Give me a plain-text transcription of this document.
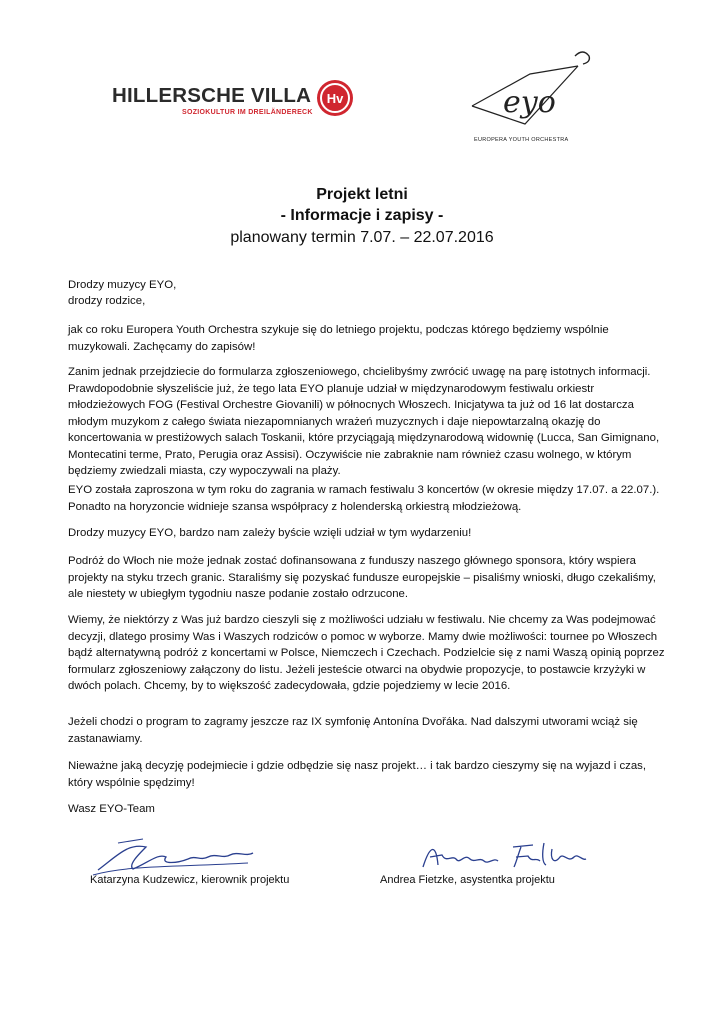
HILLERSCHE VILLA
SOZIOKULTUR IM DREILÄNDERECK
Hv	eyo
EUROPERA YOUTH ORCHESTRA
Projekt letni
- Informacje i zapisy -
planowany termin 7.07. – 22.07.2016
Drodzy muzycy EYO,
drodzy rodzice,
jak co roku Europera Youth Orchestra szykuje się do letniego projektu, podczas którego będziemy wspólnie muzykowali. Zachęcamy do zapisów!
Zanim jednak przejdziecie do formularza zgłoszeniowego, chcielibyśmy zwrócić uwagę na parę istotnych informacji. Prawdopodobnie słyszeliście już, że tego lata EYO planuje udział w międzynarodowym festiwalu orkiestr młodzieżowych FOG (Festival Orchestre Giovanili) w północnych Włoszech. Inicjatywa ta już od 16 lat dostarcza młodym muzykom z całego świata niezapomnianych wrażeń muzycznych i daje niepowtarzalną okazję do koncertowania w prestiżowych salach Toskanii, które przyciągają międzynarodową widownię (Lucca, San Gimignano, Montecatini terme, Prato, Perugia oraz Assisi). Oczywiście nie zabraknie nam również czasu wolnego, w którym będziemy zwiedzali miasta, czy wypoczywali na plaży.
EYO została zaproszona w tym roku do zagrania w ramach festiwalu 3 koncertów (w okresie między 17.07. a 22.07.). Ponadto na horyzoncie widnieje szansa współpracy z holenderską orkiestrą młodzieżową.
Drodzy muzycy EYO, bardzo nam zależy byście wzięli udział w tym wydarzeniu!
Podróż do Włoch nie może jednak zostać dofinansowana z funduszy naszego głównego sponsora, który wspiera projekty na styku trzech granic. Staraliśmy się pozyskać fundusze europejskie – pisaliśmy wnioski, długo czekaliśmy, ale niestety w ubiegłym tygodniu nasze podanie zostało odrzucone.
Wiemy, że niektórzy z Was już bardzo cieszyli się z możliwości udziału w festiwalu. Nie chcemy za Was podejmować decyzji, dlatego prosimy Was i Waszych rodziców o pomoc w wyborze. Mamy dwie możliwości: tournee po Włoszech bądź alternatywną podróż z koncertami w Polsce, Niemczech i Czechach. Podzielcie się z nami Waszą opinią poprzez formularz zgłoszeniowy załączony do listu. Jeżeli jesteście otwarci na obydwie propozycje, to postawcie krzyżyki w dwóch polach. Chcemy, by to większość zadecydowała, gdzie pojedziemy w lecie 2016.
Jeżeli chodzi o program to zagramy jeszcze raz IX symfonię Antonína Dvořáka. Nad dalszymi utworami wciąż się zastanawiamy.
Nieważne jaką decyzję podejmiecie i gdzie odbędzie się nasz projekt… i tak bardzo cieszymy się na wyjazd i czas, który wspólnie spędzimy!
Wasz EYO-Team
Katarzyna Kudzewicz, kierownik projektu	Andrea Fietzke, asystentka projektu
